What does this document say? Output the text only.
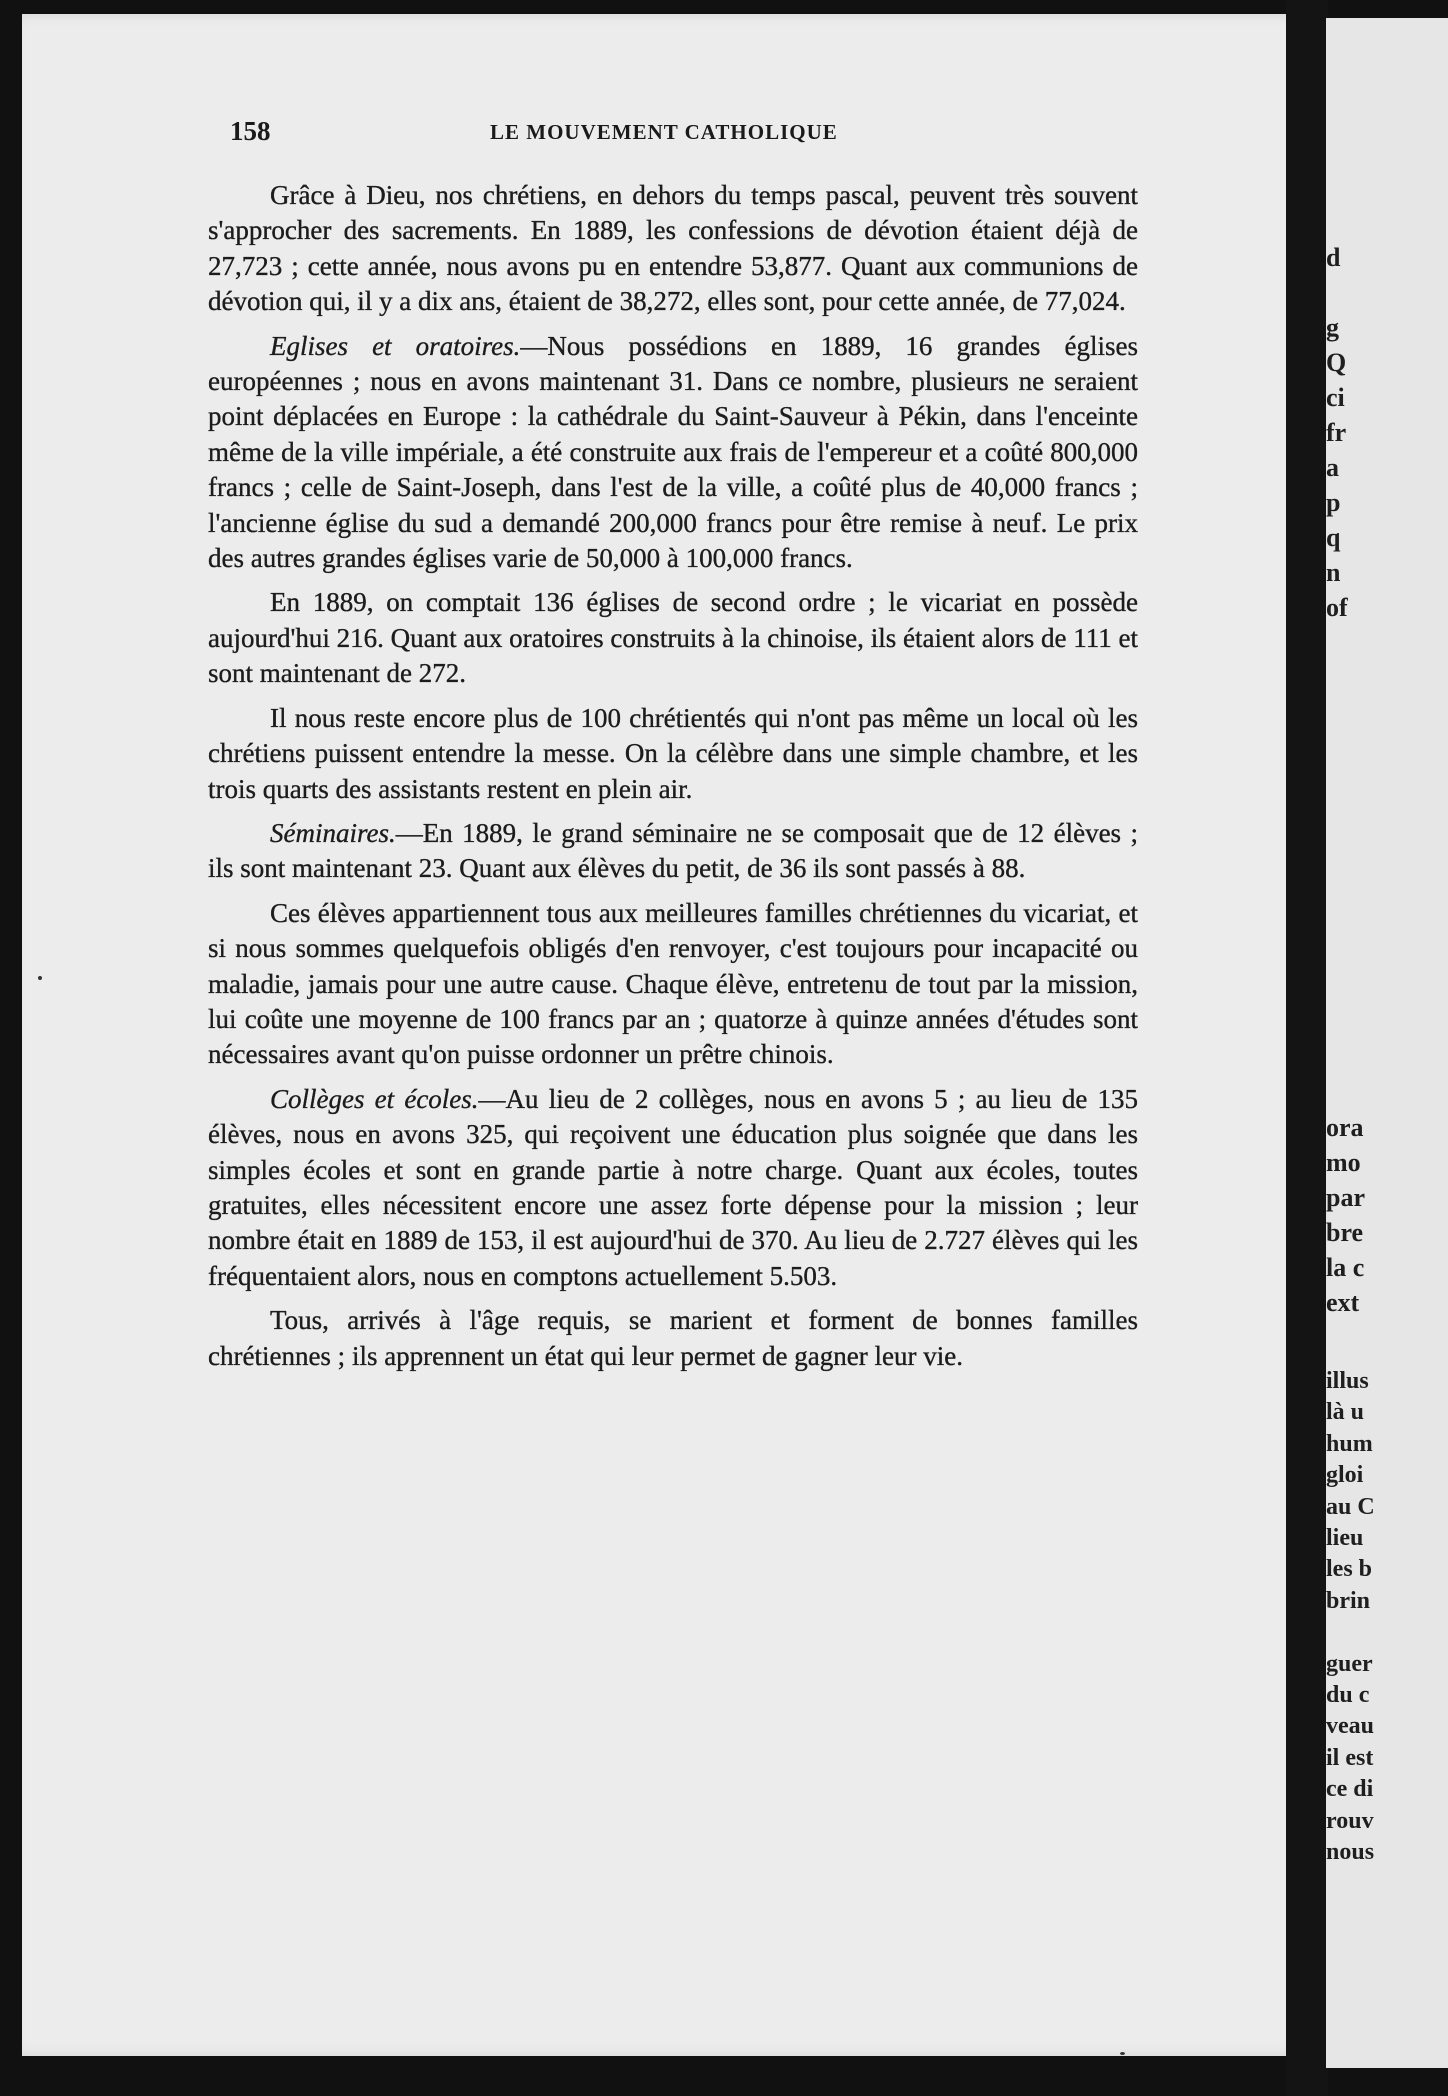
d

g
Q
ci
fr
a
p
q
n
of
ora
mo
par
bre
la c
ext
illus
là u
hum
gloi
au C
lieu
les b
brin

guer
du c
veau
il est
ce di
rouv
nous
158	LE MOUVEMENT CATHOLIQUE

Grâce à Dieu, nos chrétiens, en dehors du temps pascal, peuvent très souvent s'approcher des sacrements. En 1889, les confessions de dévotion étaient déjà de 27,723 ; cette année, nous avons pu en entendre 53,877. Quant aux communions de dévotion qui, il y a dix ans, étaient de 38,272, elles sont, pour cette année, de 77,024.

Eglises et oratoires.—Nous possédions en 1889, 16 grandes églises européennes ; nous en avons maintenant 31. Dans ce nombre, plusieurs ne seraient point déplacées en Europe : la cathédrale du Saint-Sauveur à Pékin, dans l'enceinte même de la ville impériale, a été construite aux frais de l'empereur et a coûté 800,000 francs ; celle de Saint-Joseph, dans l'est de la ville, a coûté plus de 40,000 francs ; l'ancienne église du sud a demandé 200,000 francs pour être remise à neuf. Le prix des autres grandes églises varie de 50,000 à 100,000 francs.

En 1889, on comptait 136 églises de second ordre ; le vicariat en possède aujourd'hui 216. Quant aux oratoires construits à la chinoise, ils étaient alors de 111 et sont maintenant de 272.

Il nous reste encore plus de 100 chrétientés qui n'ont pas même un local où les chrétiens puissent entendre la messe. On la célèbre dans une simple chambre, et les trois quarts des assistants restent en plein air.

Séminaires.—En 1889, le grand séminaire ne se composait que de 12 élèves ; ils sont maintenant 23. Quant aux élèves du petit, de 36 ils sont passés à 88.

Ces élèves appartiennent tous aux meilleures familles chrétiennes du vicariat, et si nous sommes quelquefois obligés d'en renvoyer, c'est toujours pour incapacité ou maladie, jamais pour une autre cause. Chaque élève, entretenu de tout par la mission, lui coûte une moyenne de 100 francs par an ; quatorze à quinze années d'études sont nécessaires avant qu'on puisse ordonner un prêtre chinois.

Collèges et écoles.—Au lieu de 2 collèges, nous en avons 5 ; au lieu de 135 élèves, nous en avons 325, qui reçoivent une éducation plus soignée que dans les simples écoles et sont en grande partie à notre charge. Quant aux écoles, toutes gratuites, elles nécessitent encore une assez forte dépense pour la mission ; leur nombre était en 1889 de 153, il est aujourd'hui de 370. Au lieu de 2.727 élèves qui les fréquentaient alors, nous en comptons actuellement 5.503.

Tous, arrivés à l'âge requis, se marient et forment de bonnes familles chrétiennes ; ils apprennent un état qui leur permet de gagner leur vie.
